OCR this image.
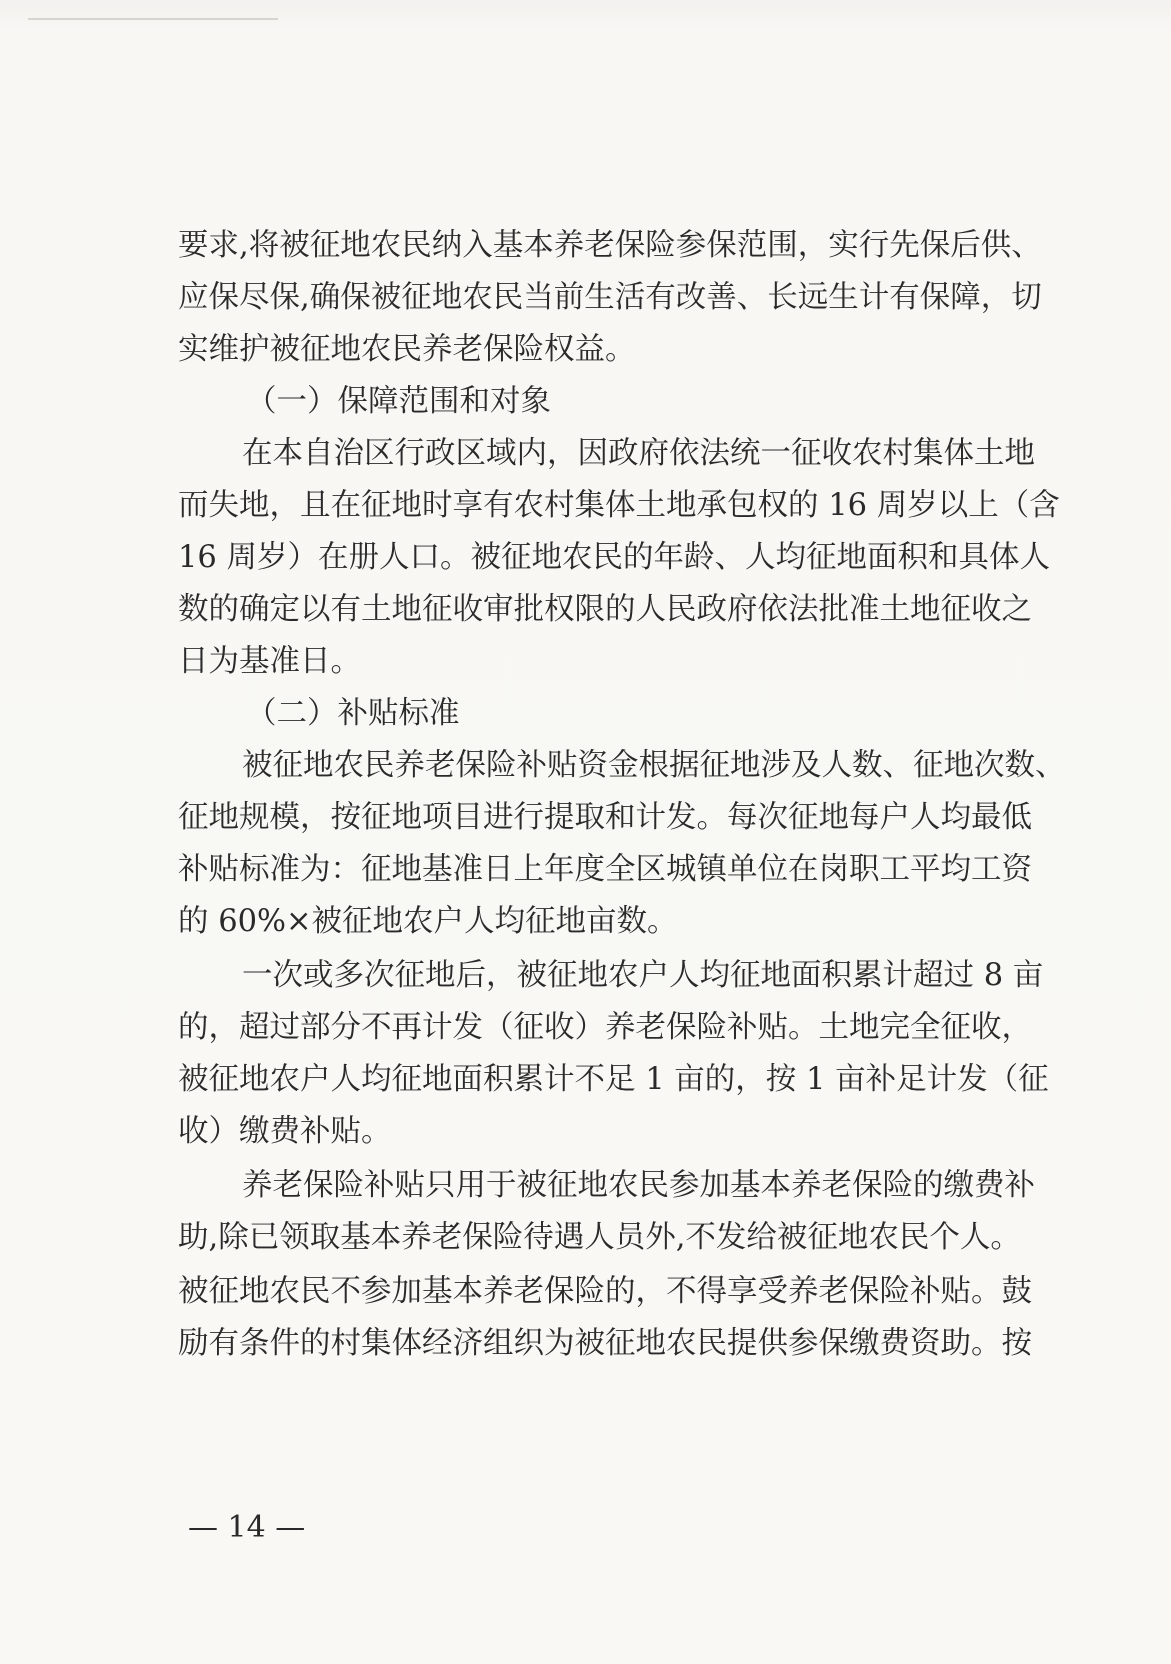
要求,将被征地农民纳入基本养老保险参保范围，实行先保后供、
应保尽保,确保被征地农民当前生活有改善、长远生计有保障，切
实维护被征地农民养老保险权益。
（一）保障范围和对象
在本自治区行政区域内，因政府依法统一征收农村集体土地
而失地，且在征地时享有农村集体土地承包权的 16 周岁以上（含
16 周岁）在册人口。被征地农民的年龄、人均征地面积和具体人
数的确定以有土地征收审批权限的人民政府依法批准土地征收之
日为基准日。
（二）补贴标准
被征地农民养老保险补贴资金根据征地涉及人数、征地次数、
征地规模，按征地项目进行提取和计发。每次征地每户人均最低
补贴标准为：征地基准日上年度全区城镇单位在岗职工平均工资
的 60%×被征地农户人均征地亩数。
一次或多次征地后，被征地农户人均征地面积累计超过 8 亩
的，超过部分不再计发（征收）养老保险补贴。土地完全征收，
被征地农户人均征地面积累计不足 1 亩的，按 1 亩补足计发（征
收）缴费补贴。
养老保险补贴只用于被征地农民参加基本养老保险的缴费补
助,除已领取基本养老保险待遇人员外,不发给被征地农民个人。
被征地农民不参加基本养老保险的，不得享受养老保险补贴。鼓
励有条件的村集体经济组织为被征地农民提供参保缴费资助。按
— 14 —
